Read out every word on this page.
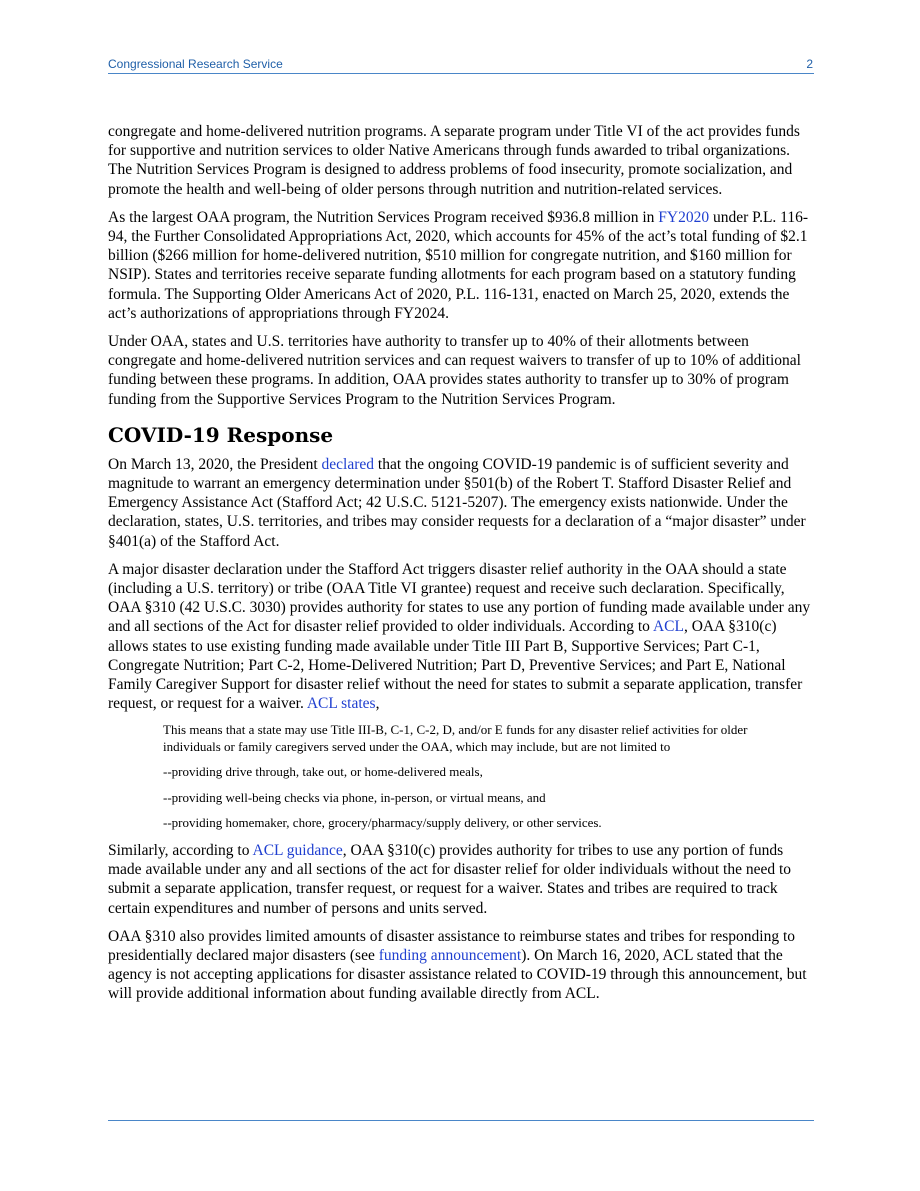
Congressional Research Service	2

congregate and home-delivered nutrition programs. A separate program under Title VI of the act provides funds for supportive and nutrition services to older Native Americans through funds awarded to tribal organizations. The Nutrition Services Program is designed to address problems of food insecurity, promote socialization, and promote the health and well-being of older persons through nutrition and nutrition-related services.

As the largest OAA program, the Nutrition Services Program received $936.8 million in FY2020 under P.L. 116-94, the Further Consolidated Appropriations Act, 2020, which accounts for 45% of the act’s total funding of $2.1 billion ($266 million for home-delivered nutrition, $510 million for congregate nutrition, and $160 million for NSIP). States and territories receive separate funding allotments for each program based on a statutory funding formula. The Supporting Older Americans Act of 2020, P.L. 116-131, enacted on March 25, 2020, extends the act’s authorizations of appropriations through FY2024.

Under OAA, states and U.S. territories have authority to transfer up to 40% of their allotments between congregate and home-delivered nutrition services and can request waivers to transfer of up to 10% of additional funding between these programs. In addition, OAA provides states authority to transfer up to 30% of program funding from the Supportive Services Program to the Nutrition Services Program.

COVID-19 Response

On March 13, 2020, the President declared that the ongoing COVID-19 pandemic is of sufficient severity and magnitude to warrant an emergency determination under §501(b) of the Robert T. Stafford Disaster Relief and Emergency Assistance Act (Stafford Act; 42 U.S.C. 5121-5207). The emergency exists nationwide. Under the declaration, states, U.S. territories, and tribes may consider requests for a declaration of a “major disaster” under §401(a) of the Stafford Act.

A major disaster declaration under the Stafford Act triggers disaster relief authority in the OAA should a state (including a U.S. territory) or tribe (OAA Title VI grantee) request and receive such declaration. Specifically, OAA §310 (42 U.S.C. 3030) provides authority for states to use any portion of funding made available under any and all sections of the Act for disaster relief provided to older individuals. According to ACL, OAA §310(c) allows states to use existing funding made available under Title III Part B, Supportive Services; Part C-1, Congregate Nutrition; Part C-2, Home-Delivered Nutrition; Part D, Preventive Services; and Part E, National Family Caregiver Support for disaster relief without the need for states to submit a separate application, transfer request, or request for a waiver. ACL states,

This means that a state may use Title III-B, C-1, C-2, D, and/or E funds for any disaster relief activities for older individuals or family caregivers served under the OAA, which may include, but are not limited to

--providing drive through, take out, or home-delivered meals,

--providing well-being checks via phone, in-person, or virtual means, and

--providing homemaker, chore, grocery/pharmacy/supply delivery, or other services.

Similarly, according to ACL guidance, OAA §310(c) provides authority for tribes to use any portion of funds made available under any and all sections of the act for disaster relief for older individuals without the need to submit a separate application, transfer request, or request for a waiver. States and tribes are required to track certain expenditures and number of persons and units served.

OAA §310 also provides limited amounts of disaster assistance to reimburse states and tribes for responding to presidentially declared major disasters (see funding announcement). On March 16, 2020, ACL stated that the agency is not accepting applications for disaster assistance related to COVID-19 through this announcement, but will provide additional information about funding available directly from ACL.
